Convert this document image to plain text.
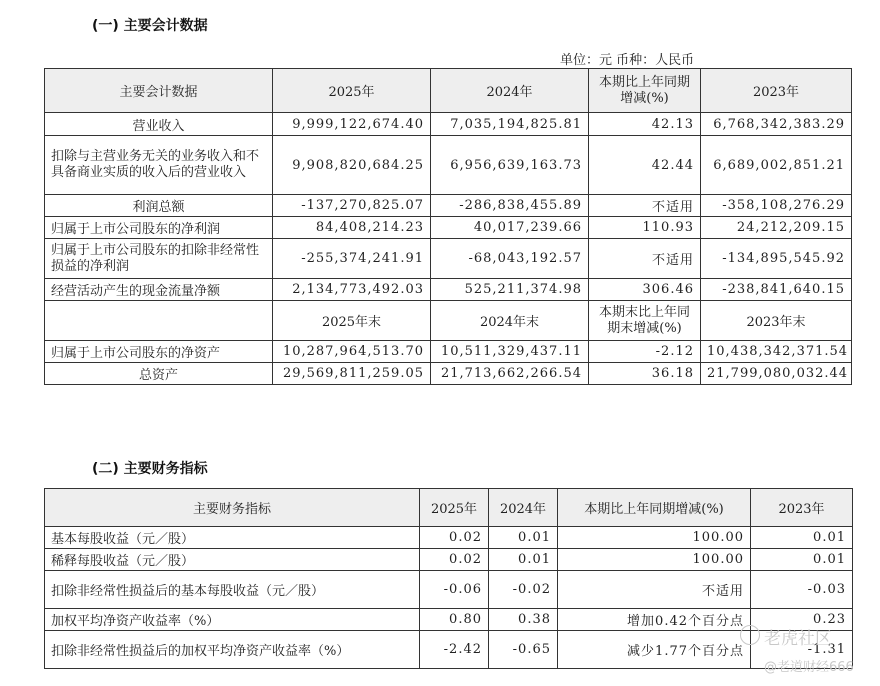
(一) 主要会计数据
单位：元 币种：人民币
主要会计数据	2025年	2024年	本期比上年同期增减(%)	2023年
营业收入	9,999,122,674.40	7,035,194,825.81	42.13	6,768,342,383.29
扣除与主营业务无关的业务收入和不具备商业实质的收入后的营业收入	9,908,820,684.25	6,956,639,163.73	42.44	6,689,002,851.21
利润总额	-137,270,825.07	-286,838,455.89	不适用	-358,108,276.29
归属于上市公司股东的净利润	84,408,214.23	40,017,239.66	110.93	24,212,209.15
归属于上市公司股东的扣除非经常性损益的净利润	-255,374,241.91	-68,043,192.57	不适用	-134,895,545.92
经营活动产生的现金流量净额	2,134,773,492.03	525,211,374.98	306.46	-238,841,640.15
	2025年末	2024年末	本期末比上年同期末增减(%)	2023年末
归属于上市公司股东的净资产	10,287,964,513.70	10,511,329,437.11	-2.12	10,438,342,371.54
总资产	29,569,811,259.05	21,713,662,266.54	36.18	21,799,080,032.44
(二) 主要财务指标
主要财务指标	2025年	2024年	本期比上年同期增减(%)	2023年
基本每股收益（元／股）	0.02	0.01	100.00	0.01
稀释每股收益（元／股）	0.02	0.01	100.00	0.01
扣除非经常性损益后的基本每股收益（元／股）	-0.06	-0.02	不适用	-0.03
加权平均净资产收益率（%）	0.80	0.38	增加0.42个百分点	0.23
扣除非经常性损益后的加权平均净资产收益率（%）	-2.42	-0.65	减少1.77个百分点	-1.31
老虎社区
@老道财经666
